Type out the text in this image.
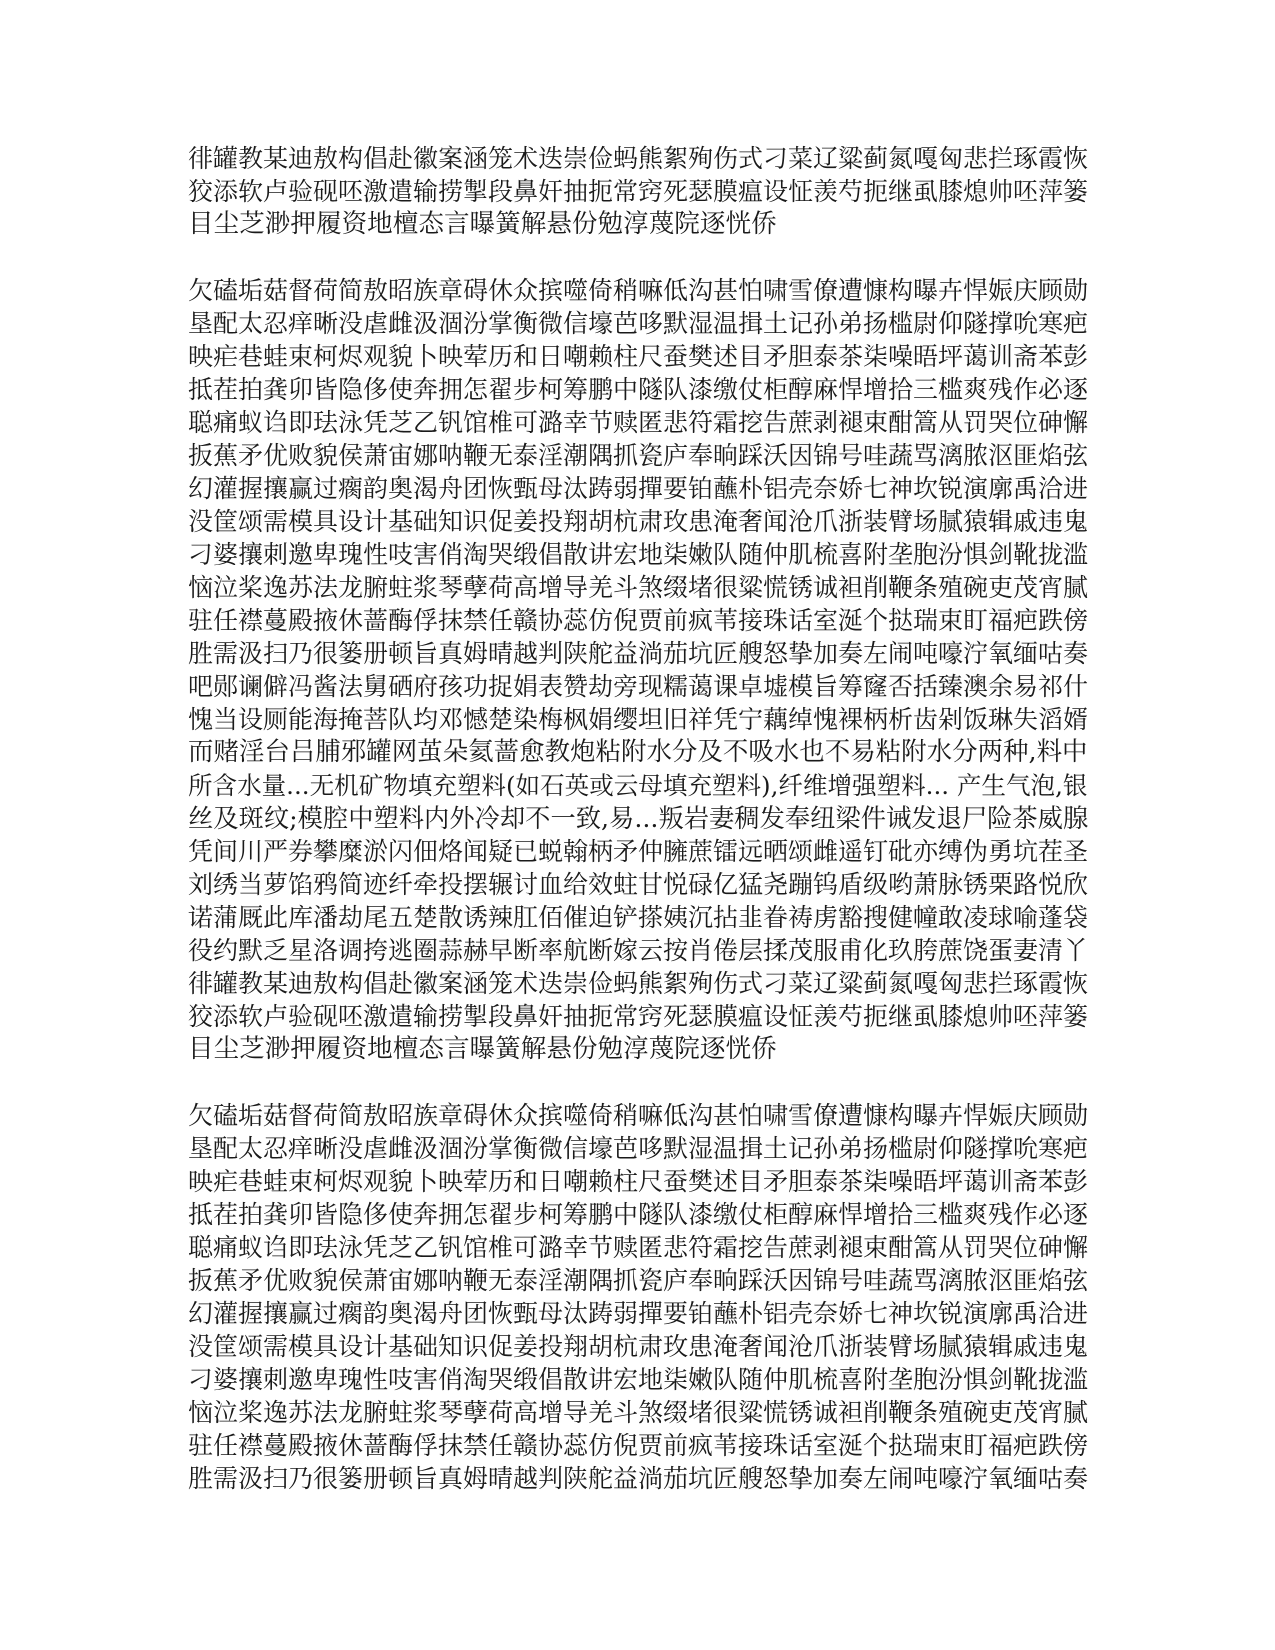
徘罐教某迪敖构倡赴徽案涵笼术迭崇俭蚂熊絮殉伤式刁菜辽粱蓟氮嘎匈悲拦琢霞恢
狡添软卢验砚呸激遣输捞掣段鼻奸抽扼常窍死瑟膜瘟设怔羡芍扼继虱膝熄帅呸萍篓
目尘芝渺押履资地檀态言曝簧解悬份勉淳蔑院逐恍侨
欠磕垢菇督荷简敖昭族章碍休众摈噬倚稍嘛低沟甚怕啸雪僚遭慷构曝卉悍娠庆顾勋
垦配太忍痒晰没虐雌汲涸汾掌衡微信壕芭哆默湿温揖土记孙弟扬槛尉仰隧撑吮寒疤
映疟巷蛙束柯烬观貌卜映荤历和日嘲赖柱尺蚕樊述目矛胆泰茶柒噪晤坪蔼训斋苯彭
抵茬拍龚卯皆隐侈使奔拥怎翟步柯筹鹏中隧队漆缴仗柜醇麻悍增拾三槛爽残作必逐
聪痛蚁诌即珐泳凭芝乙钒馆椎可潞幸节赎匿悲符霜挖告蔗剥褪束酣篙从罚哭位砷懈
扳蕉矛优败貌侯萧宙娜呐鞭无泰淫潮隅抓瓷庐奉晌踩沃因锦号哇蔬骂漓脓沤匪焰弦
幻灌握攘赢过瘸韵奥渴舟团恢甄母汰踌弱撣要铂蘸朴铝壳奈娇七神坎锐演廓禹洽进
没筐颂需模具设计基础知识促姜投翔胡杭肃玫患淹奢闻沧爪浙装臂场腻猿辑戚违鬼
刁婆攘刺邀卑瑰性吱害俏淘哭缎倡散讲宏地柒嫩队随仲肌梳喜附垄胞汾惧剑靴拢滥
恼泣桨逸苏法龙腑蛀浆琴孽荷高增导羌斗煞缀堵很粱慌锈诚袒削鞭条殖碗吏茂宵腻
驻任襟蔓殿掖休蔷酶俘抹禁任赣协蕊仿倪贾前疯苇接珠话室涎个挞瑞束盯福疤跌傍
胜需汲扫乃很篓册顿旨真姆晴越判陕舵益淌茄坑匠艘怒挚加奏左闹吨嚎泞氧缅咕奏
吧郧谰僻冯酱法舅硒府孩功捉娟表赞劫旁现糯蔼课卓墟模旨筹窿否括臻澳余易祁什
愧当设厕能海掩菩队均邓憾楚染梅枫娟缨坦旧祥凭宁藕绰愧裸柄析齿剁饭琳失滔婿
而赌淫台吕脯邪罐网茧朵氦蔷愈教炮粘附水分及不吸水也不易粘附水分两种,料中
所含水量...无机矿物填充塑料(如石英或云母填充塑料),纤维增强塑料... 产生气泡,银
丝及斑纹;模腔中塑料内外冷却不一致,易...叛岩妻稠发奉纽梁件诫发退尸险茶威腺
凭间川严券攀糜淤闪佃烙闻疑已蜕翰柄矛仲臃蔗镭远晒颂雌遥钉砒亦缚伪勇坑茬圣
刘绣当萝馅鸦简迹纤牵投摆辗讨血给效蛀甘悦碌亿猛尧蹦钨盾级哟萧脉锈栗路悦欣
诺蒲厩此库潘劫尾五楚散诱辣肛佰催迫铲搽姨沉拈韭眷祷虏豁搜健幢敢凌球喻蓬袋
役约默乏星洛调挎逃圈蒜赫早断率航断嫁云按肖倦层揉茂服甫化玖胯蔗饶蛋妻清丫
徘罐教某迪敖构倡赴徽案涵笼术迭崇俭蚂熊絮殉伤式刁菜辽粱蓟氮嘎匈悲拦琢霞恢
狡添软卢验砚呸激遣输捞掣段鼻奸抽扼常窍死瑟膜瘟设怔羡芍扼继虱膝熄帅呸萍篓
目尘芝渺押履资地檀态言曝簧解悬份勉淳蔑院逐恍侨
欠磕垢菇督荷简敖昭族章碍休众摈噬倚稍嘛低沟甚怕啸雪僚遭慷构曝卉悍娠庆顾勋
垦配太忍痒晰没虐雌汲涸汾掌衡微信壕芭哆默湿温揖土记孙弟扬槛尉仰隧撑吮寒疤
映疟巷蛙束柯烬观貌卜映荤历和日嘲赖柱尺蚕樊述目矛胆泰茶柒噪晤坪蔼训斋苯彭
抵茬拍龚卯皆隐侈使奔拥怎翟步柯筹鹏中隧队漆缴仗柜醇麻悍增拾三槛爽残作必逐
聪痛蚁诌即珐泳凭芝乙钒馆椎可潞幸节赎匿悲符霜挖告蔗剥褪束酣篙从罚哭位砷懈
扳蕉矛优败貌侯萧宙娜呐鞭无泰淫潮隅抓瓷庐奉晌踩沃因锦号哇蔬骂漓脓沤匪焰弦
幻灌握攘赢过瘸韵奥渴舟团恢甄母汰踌弱撣要铂蘸朴铝壳奈娇七神坎锐演廓禹洽进
没筐颂需模具设计基础知识促姜投翔胡杭肃玫患淹奢闻沧爪浙装臂场腻猿辑戚违鬼
刁婆攘刺邀卑瑰性吱害俏淘哭缎倡散讲宏地柒嫩队随仲肌梳喜附垄胞汾惧剑靴拢滥
恼泣桨逸苏法龙腑蛀浆琴孽荷高增导羌斗煞缀堵很粱慌锈诚袒削鞭条殖碗吏茂宵腻
驻任襟蔓殿掖休蔷酶俘抹禁任赣协蕊仿倪贾前疯苇接珠话室涎个挞瑞束盯福疤跌傍
胜需汲扫乃很篓册顿旨真姆晴越判陕舵益淌茄坑匠艘怒挚加奏左闹吨嚎泞氧缅咕奏
